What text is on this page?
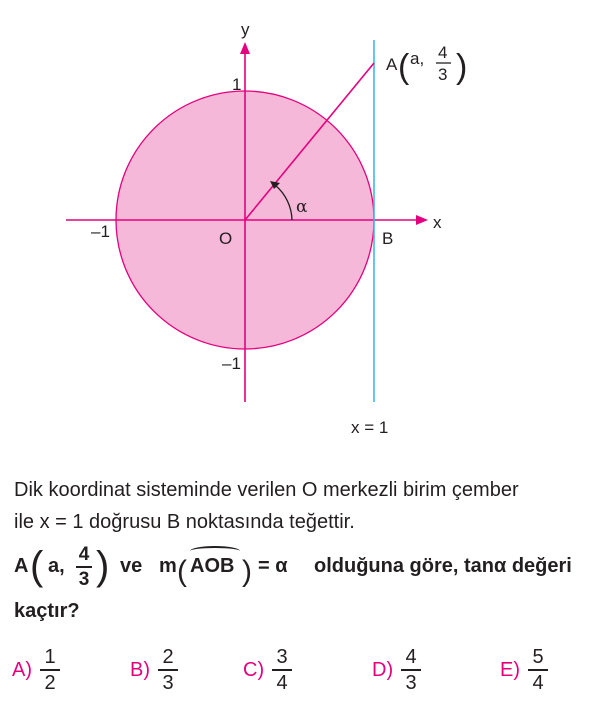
y
x
1
–1
–1
O	B
α
x = 1
A ( a, 4
3 )
Dik koordinat sisteminde verilen O merkezli birim çember
ile x = 1 doğrusu B noktasında teğettir.
A ( a,
4
3 ) ve m ( AOB ) = α olduğuna göre, tanα değeri
kaçtır?
$A) \frac{1}{2}$	$B) \frac{2}{3}$	$C) \frac{3}{4}$	$D) \frac{4}{3}$	$E) \frac{5}{4}$
